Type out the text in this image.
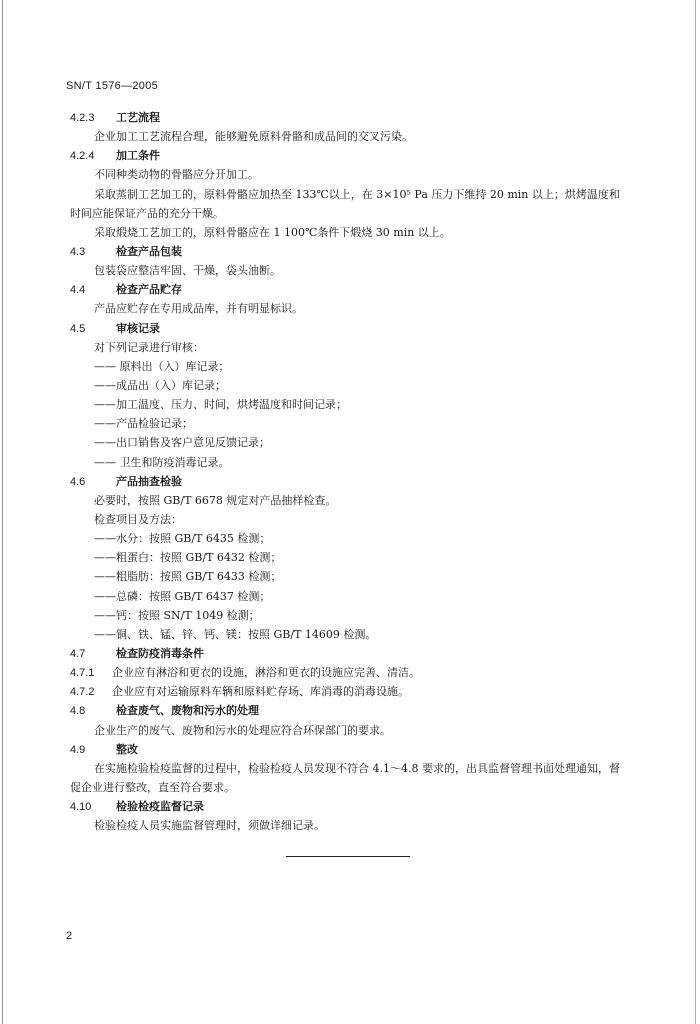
SN/T 1576—2005
4.2.3 工艺流程
企业加工工艺流程合理，能够避免原料骨骼和成品间的交叉污染。
4.2.4 加工条件
不同种类动物的骨骼应分开加工。
采取蒸制工艺加工的，原料骨骼应加热至 133℃以上，在 3×10⁵ Pa 压力下维持 20 min 以上；烘烤温度和时间应能保证产品的充分干燥。
采取煅烧工艺加工的，原料骨骼应在 1 100℃条件下煅烧 30 min 以上。
4.3	检查产品包装
包装袋应整洁牢固、干燥，袋头油断。
4.4	检查产品贮存
产品应贮存在专用成品库，并有明显标识。
4.5	审核记录
对下列记录进行审核：
—— 原料出（入）库记录；
——成品出（入）库记录；
——加工温度、压力、时间，烘烤温度和时间记录；
——产品检验记录；
——出口销售及客户意见反馈记录；
—— 卫生和防疫消毒记录。
4.6	产品抽查检验
必要时，按照 GB/T 6678 规定对产品抽样检查。
检查项目及方法：
——水分：按照 GB/T 6435 检测；
——粗蛋白：按照 GB/T 6432 检测；
——粗脂肪：按照 GB/T 6433 检测；
——总磷：按照 GB/T 6437 检测；
——钙：按照 SN/T 1049 检测；
——铜、铁、锰、锌、钙、镁：按照 GB/T 14609 检测。
4.7	检查防疫消毒条件
4.7.1 企业应有淋浴和更衣的设施，淋浴和更衣的设施应完善、清洁。
4.7.2 企业应有对运输原料车辆和原料贮存场、库消毒的消毒设施。
4.8	检查废气、废物和污水的处理
企业生产的废气、废物和污水的处理应符合环保部门的要求。
4.9	整改
在实施检验检疫监督的过程中，检验检疫人员发现不符合 4.1～4.8 要求的，出具监督管理书面处理通知，督促企业进行整改，直至符合要求。
4.10 检验检疫监督记录
检验检疫人员实施监督管理时，须做详细记录。
2
